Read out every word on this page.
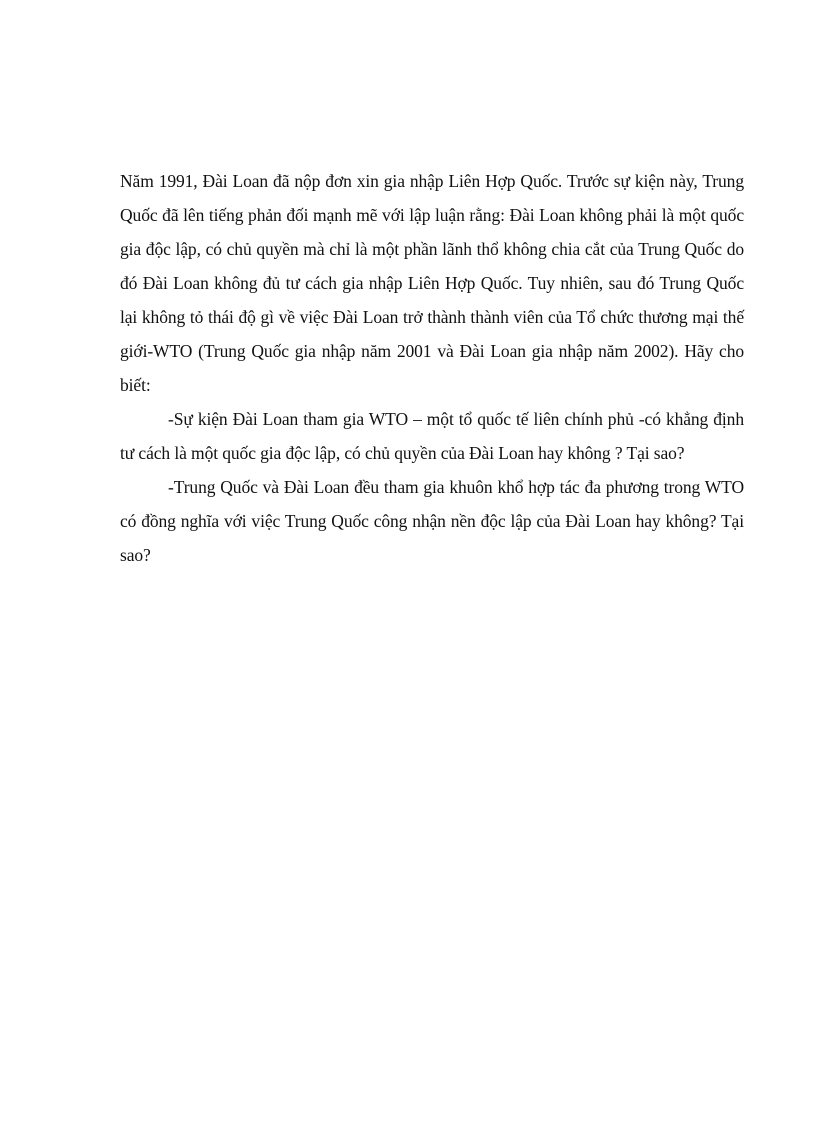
Năm 1991, Đài Loan đã nộp đơn xin gia nhập Liên Hợp Quốc. Trước sự kiện này, Trung Quốc đã lên tiếng phản đối mạnh mẽ với lập luận rằng: Đài Loan không phải là một quốc gia độc lập, có chủ quyền mà chỉ là một phần lãnh thổ không chia cắt của Trung Quốc do đó Đài Loan không đủ tư cách gia nhập Liên Hợp Quốc. Tuy nhiên, sau đó Trung Quốc lại không tỏ thái độ gì về việc Đài Loan trở thành thành viên của Tổ chức thương mại thế giới-WTO (Trung Quốc gia nhập năm 2001 và Đài Loan gia nhập năm 2002). Hãy cho biết:

-Sự kiện Đài Loan tham gia WTO – một tổ quốc tế liên chính phủ -có khẳng định tư cách là một quốc gia độc lập, có chủ quyền của Đài Loan hay không ? Tại sao?

-Trung Quốc và Đài Loan đều tham gia khuôn khổ hợp tác đa phương trong WTO có đồng nghĩa với việc Trung Quốc công nhận nền độc lập của Đài Loan hay không? Tại sao?
